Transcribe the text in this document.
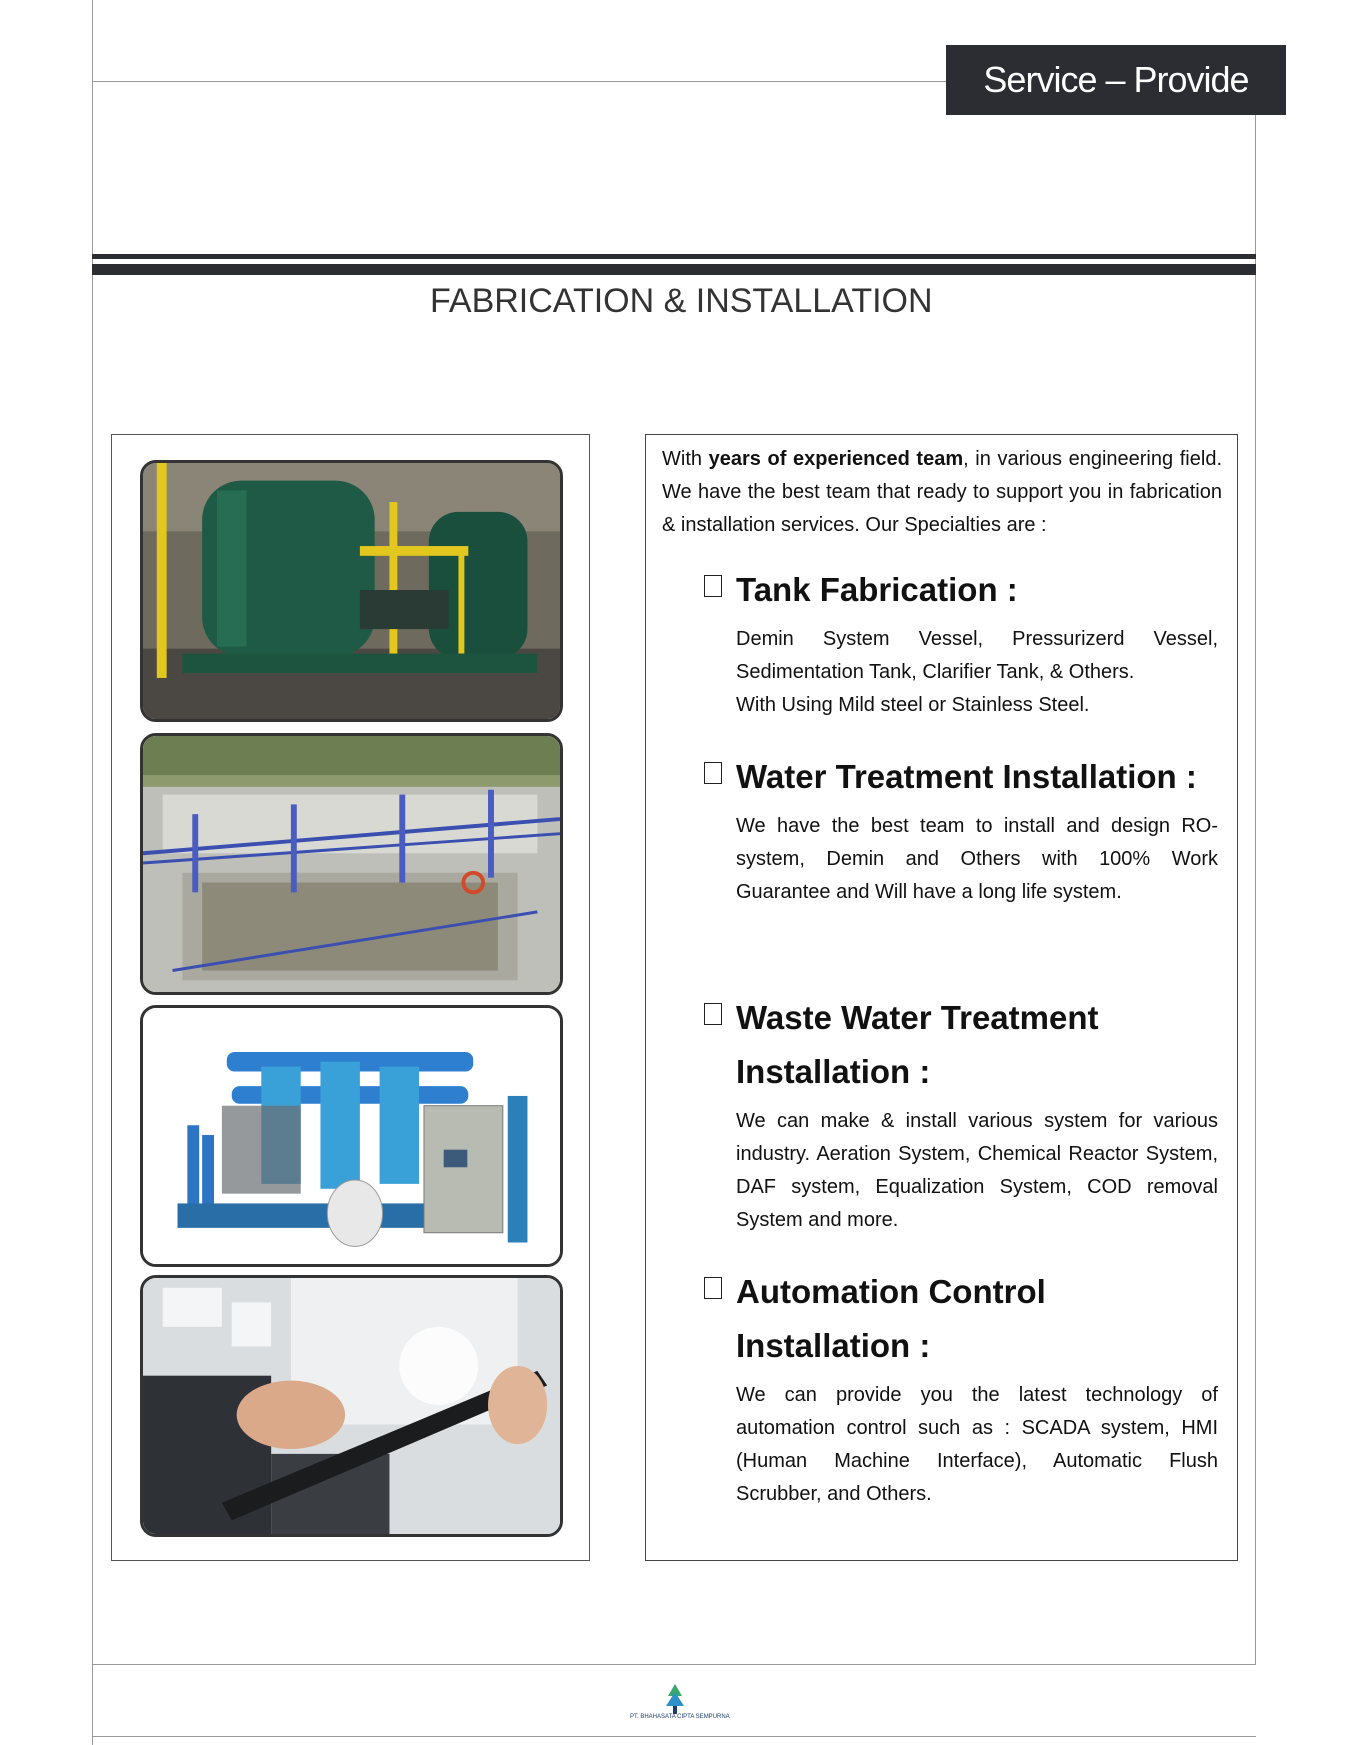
Service – Provide
FABRICATION & INSTALLATION
With years of experienced team, in various engineering field. We have the best team that ready to support you in fabrication & installation services. Our Specialties are :
Tank Fabrication :
Demin System Vessel, Pressurizerd Vessel, Sedimentation Tank, Clarifier Tank, & Others.
With Using Mild steel or Stainless Steel.
Water Treatment Installation :
We have the best team to install and design RO-system, Demin and Others with 100% Work Guarantee and Will have a long life system.
Waste Water Treatment Installation :
We can make & install various system for various industry. Aeration System, Chemical Reactor System, DAF system, Equalization System, COD removal System and more.
Automation Control Installation :
We can provide you the latest technology of automation control such as : SCADA system, HMI (Human Machine Interface), Automatic Flush Scrubber, and Others.
PT. BHAHASATA CIPTA SEMPURNA
